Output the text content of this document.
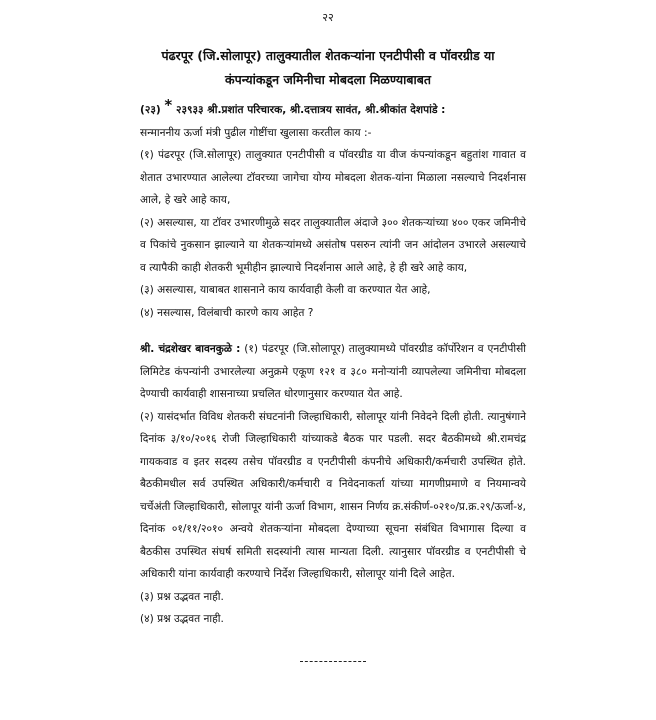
२२
पंढरपूर (जि.सोलापूर) तालुक्यातील शेतकऱ्यांना एनटीपीसी व पॉवरग्रीड या
कंपन्यांकडून जमिनीचा मोबदला मिळण्याबाबत

(२३) * २३९३३ श्री.प्रशांत परिचारक, श्री.दत्तात्रय सावंत, श्री.श्रीकांत देशपांडे :

सन्माननीय ऊर्जा मंत्री पुढील गोष्टींचा खुलासा करतील काय :-

(१) पंढरपूर (जि.सोलापूर) तालुक्यात एनटीपीसी व पॉवरग्रीड या वीज कंपन्यांकडून बहुतांश गावात व शेतात उभारण्यात आलेल्या टॉवरच्या जागेचा योग्य मोबदला शेतक-यांना मिळाला नसल्याचे निदर्शनास आले, हे खरे आहे काय,

(२) असल्यास, या टॉवर उभारणीमुळे सदर तालुक्यातील अंदाजे ३०० शेतकऱ्यांच्या ४०० एकर जमिनीचे व पिकांचे नुकसान झाल्याने या शेतकऱ्यांमध्ये असंतोष पसरुन त्यांनी जन आंदोलन उभारले असल्याचे व त्यापैकी काही शेतकरी भूमीहीन झाल्याचे निदर्शनास आले आहे, हे ही खरे आहे काय,

(३) असल्यास, याबाबत शासनाने काय कार्यवाही केली वा करण्यात येत आहे,

(४) नसल्यास, विलंबाची कारणे काय आहेत ?

श्री. चंद्रशेखर बावनकुळे : (१) पंढरपूर (जि.सोलापूर) तालुक्यामध्ये पॉवरग्रीड कॉर्पोरेशन व एनटीपीसी लिमिटेड कंपन्यांनी उभारलेल्या अनुक्रमे एकूण १२१ व ३८० मनोऱ्यांनी व्यापलेल्या जमिनीचा मोबदला देण्याची कार्यवाही शासनाच्या प्रचलित धोरणानुसार करण्यात येत आहे.

(२) यासंदर्भात विविध शेतकरी संघटनांनी जिल्हाधिकारी, सोलापूर यांनी निवेदने दिली होती. त्यानुषंगाने दिनांक ३/१०/२०१६ रोजी जिल्हाधिकारी यांच्याकडे बैठक पार पडली. सदर बैठकीमध्ये श्री.रामचंद्र गायकवाड व इतर सदस्य तसेच पॉवरग्रीड व एनटीपीसी कंपनीचे अधिकारी/कर्मचारी उपस्थित होते. बैठकीमधील सर्व उपस्थित अधिकारी/कर्मचारी व निवेदनाकर्ता यांच्या मागणीप्रमाणे व नियमान्वये चर्चेअंती जिल्हाधिकारी, सोलापूर यांनी ऊर्जा विभाग, शासन निर्णय क्र.संकीर्ण-०२१०/प्र.क्र.२९/ऊर्जा-४, दिनांक ०१/११/२०१० अन्वये शेतकऱ्यांना मोबदला देण्याच्या सूचना संबंधित विभागास दिल्या व बैठकीस उपस्थित संघर्ष समिती सदस्यांनी त्यास मान्यता दिली. त्यानुसार पॉवरग्रीड व एनटीपीसी चे अधिकारी यांना कार्यवाही करण्याचे निर्देश जिल्हाधिकारी, सोलापूर यांनी दिले आहेत.

(३) प्रश्न उद्भवत नाही.

(४) प्रश्न उद्भवत नाही.
